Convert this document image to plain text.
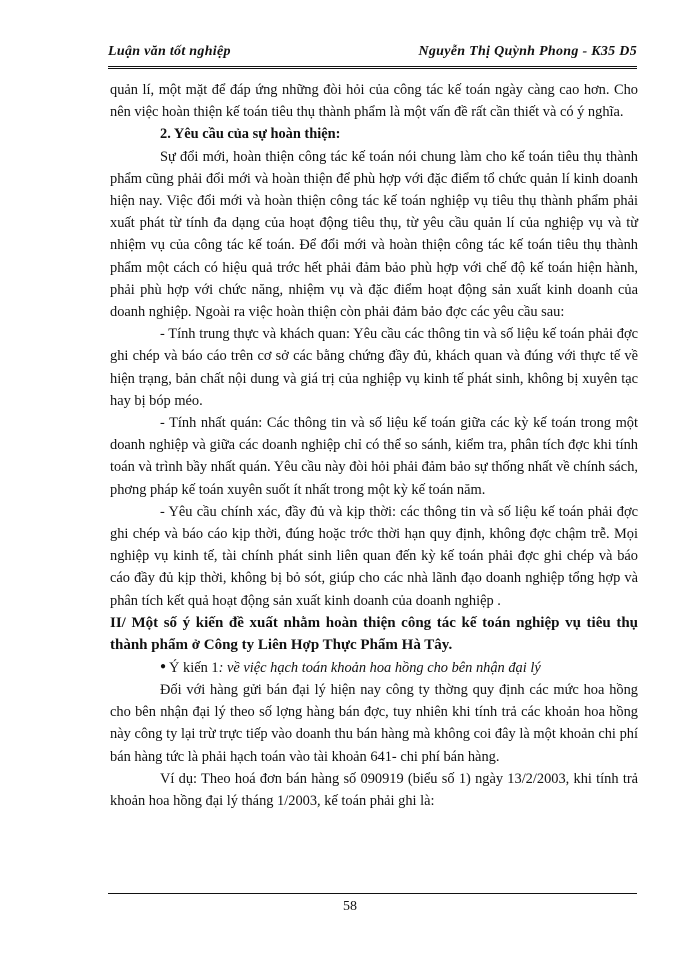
Luận văn tốt nghiệp	Nguyễn Thị Quỳnh Phong - K35 D5

quản lí, một mặt để đáp ứng những đòi hỏi của công tác kế toán ngày càng cao hơn. Cho nên việc hoàn thiện kế toán tiêu thụ thành phẩm là một vấn đề rất cần thiết và có ý nghĩa.

2. Yêu cầu của sự hoàn thiện:

Sự đổi mới, hoàn thiện công tác kế toán nói chung làm cho kế toán tiêu thụ thành phẩm cũng phải đổi mới và hoàn thiện để phù hợp với đặc điểm tổ chức quản lí kinh doanh hiện nay. Việc đổi mới và hoàn thiện công tác kế toán nghiệp vụ tiêu thụ thành phẩm phải xuất phát từ tính đa dạng của hoạt động tiêu thụ, từ yêu cầu quản lí của nghiệp vụ và từ nhiệm vụ của công tác kế toán. Để đổi mới và hoàn thiện công tác kế toán tiêu thụ thành phẩm một cách có hiệu quả trớc hết phải đảm bảo phù hợp với chế độ kế toán hiện hành, phải phù hợp với chức năng, nhiệm vụ và đặc điểm hoạt động sản xuất kinh doanh của doanh nghiệp. Ngoài ra việc hoàn thiện còn phải đảm bảo đợc các yêu cầu sau:

- Tính trung thực và khách quan: Yêu cầu các thông tin và số liệu kế toán phải đợc ghi chép và báo cáo trên cơ sở các bằng chứng đầy đủ, khách quan và đúng với thực tế về hiện trạng, bản chất nội dung và giá trị của nghiệp vụ kinh tế phát sinh, không bị xuyên tạc hay bị bóp méo.

- Tính nhất quán: Các thông tin và số liệu kế toán giữa các kỳ kế toán trong một doanh nghiệp và giữa các doanh nghiệp chỉ có thể so sánh, kiểm tra, phân tích đợc khi tính toán và trình bầy nhất quán. Yêu cầu này đòi hỏi phải đảm bảo sự thống nhất về chính sách, phơng pháp kế toán xuyên suốt ít nhất trong một kỳ kế toán năm.

- Yêu cầu chính xác, đầy đủ và kịp thời: các thông tin và số liệu kế toán phải đợc ghi chép và báo cáo kịp thời, đúng hoặc trớc thời hạn quy định, không đợc chậm trễ. Mọi nghiệp vụ kinh tế, tài chính phát sinh liên quan đến kỳ kế toán phải đợc ghi chép và báo cáo đầy đủ kịp thời, không bị bỏ sót, giúp cho các nhà lãnh đạo doanh nghiệp tổng hợp và phân tích kết quả hoạt động sản xuất kinh doanh của doanh nghiệp .

II/ Một số ý kiến đề xuất nhằm hoàn thiện công tác kế toán nghiệp vụ tiêu thụ thành phẩm ở Công ty Liên Hợp Thực Phẩm Hà Tây.

● Ý kiến 1: về việc hạch toán khoản hoa hồng cho bên nhận đại lý

Đối với hàng gửi bán đại lý hiện nay công ty thờng quy định các mức hoa hồng cho bên nhận đại lý theo số lợng hàng bán đợc, tuy nhiên khi tính trả các khoản hoa hồng này công ty lại trừ trực tiếp vào doanh thu bán hàng mà không coi đây là một khoản chi phí bán hàng tức là phải hạch toán vào tài khoản 641- chi phí bán hàng.

Ví dụ: Theo hoá đơn bán hàng số 090919 (biểu số 1) ngày 13/2/2003, khi tính trả khoản hoa hồng đại lý tháng 1/2003, kế toán phải ghi là:

58
